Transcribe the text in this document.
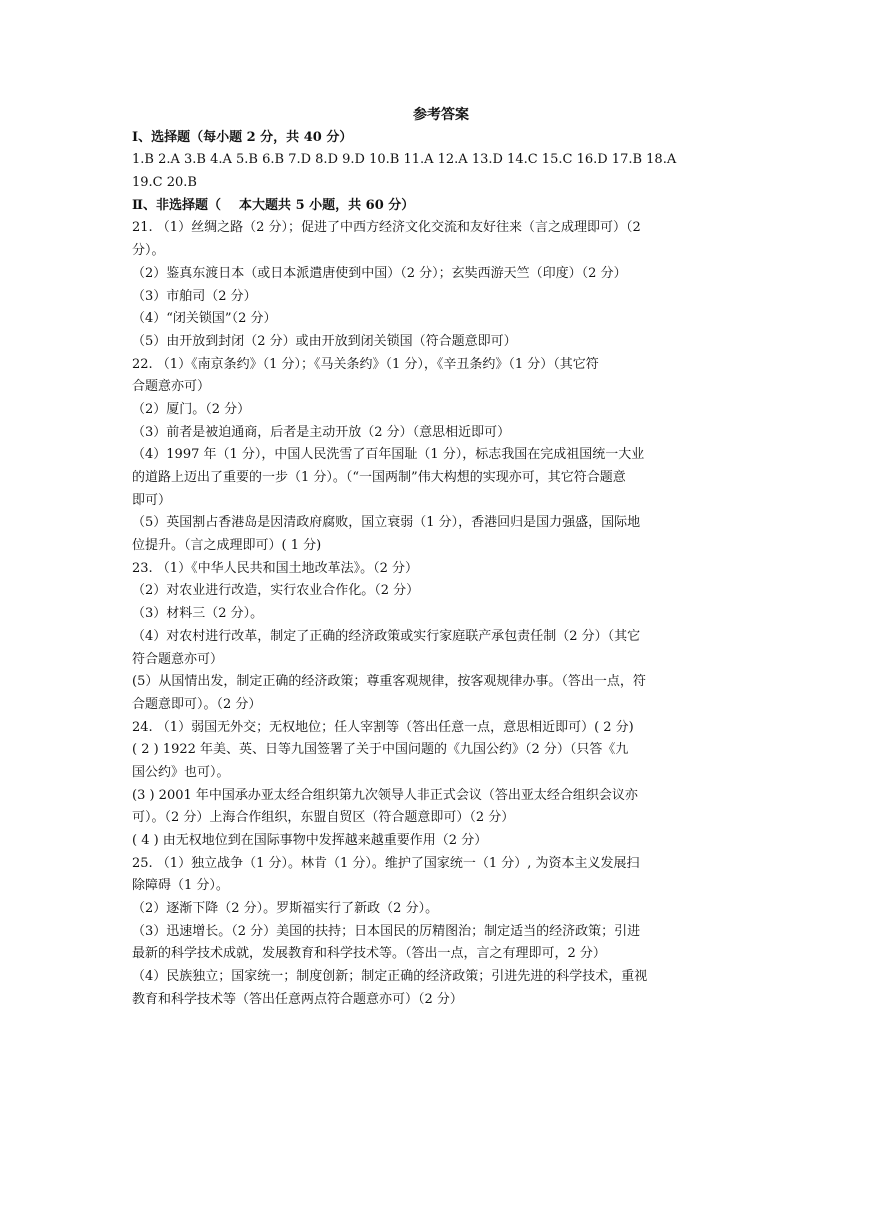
参考答案
Ⅰ、选择题（每小题 2 分，共 40 分）
1.B 2.A 3.B 4.A 5.B 6.B 7.D 8.D 9.D 10.B 11.A 12.A 13.D 14.C 15.C 16.D 17.B 18.A
19.C 20.B
Ⅱ、非选择题（    本大题共 5 小题，共 60 分）
21. （1）丝绸之路（2 分）；促进了中西方经济文化交流和友好往来（言之成理即可）（2
分）。
（2）鉴真东渡日本（或日本派遣唐使到中国）（2 分）；玄奘西游天竺（印度）（2 分）
（3）市舶司（2 分）
（4）“闭关锁国”（2 分）
（5）由开放到封闭（2 分）或由开放到闭关锁国（符合题意即可）
22. （1）《南京条约》（1 分）；《马关条约》（1 分），《辛丑条约》（1 分）（其它符
合题意亦可）
（2）厦门。（2 分）
（3）前者是被迫通商，后者是主动开放（2 分）（意思相近即可）
（4）1997 年（1 分），中国人民洗雪了百年国耻（1 分），标志我国在完成祖国统一大业
的道路上迈出了重要的一步（1 分）。（“一国两制”伟大构想的实现亦可，其它符合题意
即可）
（5）英国割占香港岛是因清政府腐败，国立衰弱（1 分），香港回归是国力强盛，国际地
位提升。（言之成理即可）( 1 分)
23. （1）《中华人民共和国土地改革法》。（2 分）
（2）对农业进行改造，实行农业合作化。（2 分）
（3）材料三（2 分）。
（4）对农村进行改革，制定了正确的经济政策或实行家庭联产承包责任制（2 分）（其它
符合题意亦可）
(5）从国情出发，制定正确的经济政策；尊重客观规律，按客观规律办事。（答出一点，符
合题意即可）。（2 分）
24. （1）弱国无外交；无权地位；任人宰割等（答出任意一点，意思相近即可）( 2 分)
( 2 ) 1922 年美、英、日等九国签署了关于中国问题的《九国公约》（2 分）（只答《九
国公约》也可）。
(3 ) 2001 年中国承办亚太经合组织第九次领导人非正式会议（答出亚太经合组织会议亦
可）。（2 分）上海合作组织，东盟自贸区（符合题意即可）（2 分）
( 4 ) 由无权地位到在国际事物中发挥越来越重要作用（2 分）
25. （1）独立战争（1 分）。林肯（1 分）。维护了国家统一（1 分）, 为资本主义发展扫
除障碍（1 分）。
（2）逐渐下降（2 分）。罗斯福实行了新政（2 分）。
（3）迅速增长。（2 分）美国的扶持；日本国民的厉精图治；制定适当的经济政策；引进
最新的科学技术成就，发展教育和科学技术等。（答出一点，言之有理即可，2 分）
（4）民族独立；国家统一；制度创新；制定正确的经济政策；引进先进的科学技术，重视
教育和科学技术等（答出任意两点符合题意亦可）（2 分）
